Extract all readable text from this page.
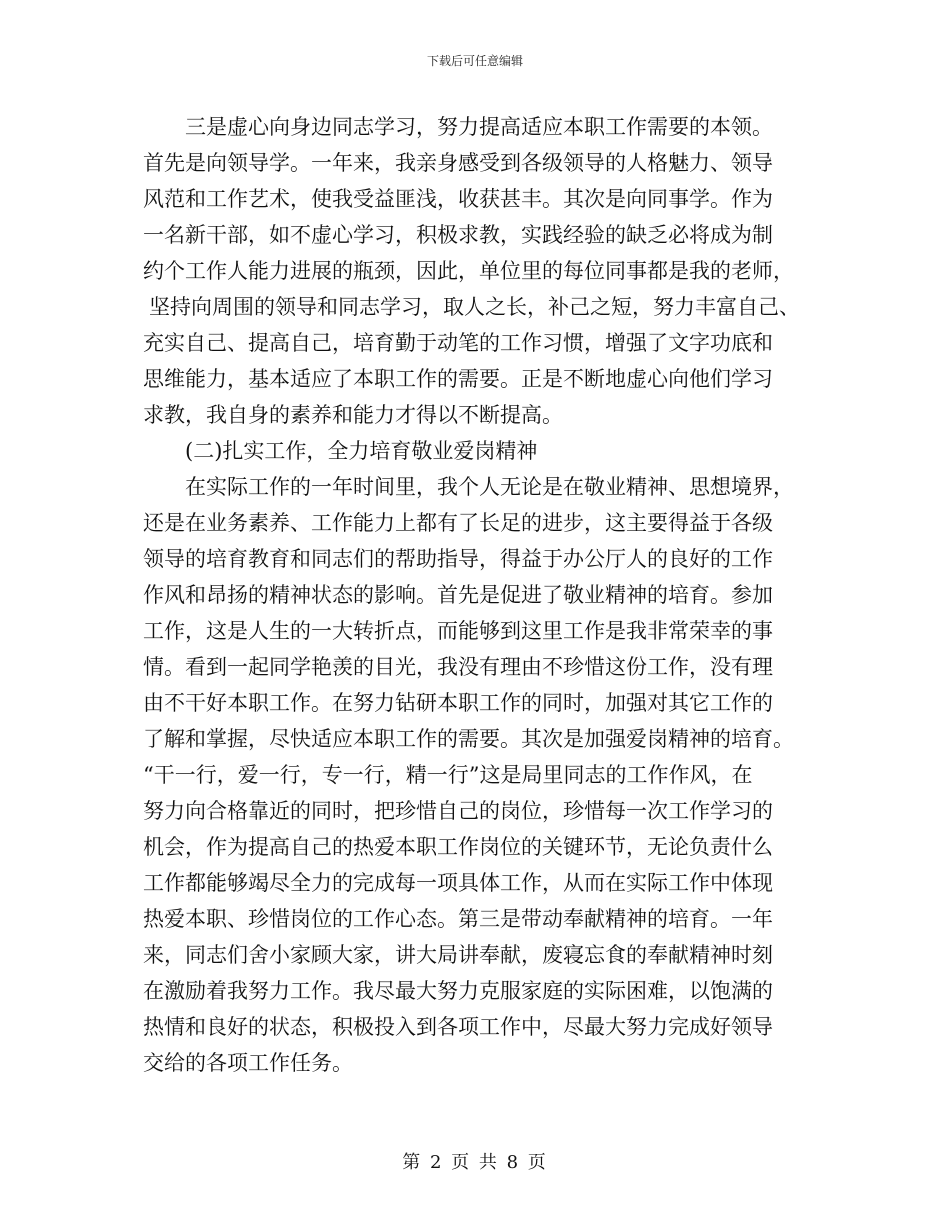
下载后可任意编辑
三是虚心向身边同志学习，努力提高适应本职工作需要的本领。
首先是向领导学。一年来，我亲身感受到各级领导的人格魅力、领导
风范和工作艺术，使我受益匪浅，收获甚丰。其次是向同事学。作为
一名新干部，如不虚心学习，积极求教，实践经验的缺乏必将成为制
约个工作人能力进展的瓶颈，因此，单位里的每位同事都是我的老师，
坚持向周围的领导和同志学习，取人之长，补己之短，努力丰富自己、
充实自己、提高自己，培育勤于动笔的工作习惯，增强了文字功底和
思维能力，基本适应了本职工作的需要。正是不断地虚心向他们学习
求教，我自身的素养和能力才得以不断提高。
(二)扎实工作，全力培育敬业爱岗精神
在实际工作的一年时间里，我个人无论是在敬业精神、思想境界，
还是在业务素养、工作能力上都有了长足的进步，这主要得益于各级
领导的培育教育和同志们的帮助指导，得益于办公厅人的良好的工作
作风和昂扬的精神状态的影响。首先是促进了敬业精神的培育。参加
工作，这是人生的一大转折点，而能够到这里工作是我非常荣幸的事
情。看到一起同学艳羡的目光，我没有理由不珍惜这份工作，没有理
由不干好本职工作。在努力钻研本职工作的同时，加强对其它工作的
了解和掌握，尽快适应本职工作的需要。其次是加强爱岗精神的培育。
“干一行，爱一行，专一行，精一行”这是局里同志的工作作风，在
努力向合格靠近的同时，把珍惜自己的岗位，珍惜每一次工作学习的
机会，作为提高自己的热爱本职工作岗位的关键环节，无论负责什么
工作都能够竭尽全力的完成每一项具体工作，从而在实际工作中体现
热爱本职、珍惜岗位的工作心态。第三是带动奉献精神的培育。一年
来，同志们舍小家顾大家，讲大局讲奉献，废寝忘食的奉献精神时刻
在激励着我努力工作。我尽最大努力克服家庭的实际困难，以饱满的
热情和良好的状态，积极投入到各项工作中，尽最大努力完成好领导
交给的各项工作任务。
第 2 页 共 8 页
